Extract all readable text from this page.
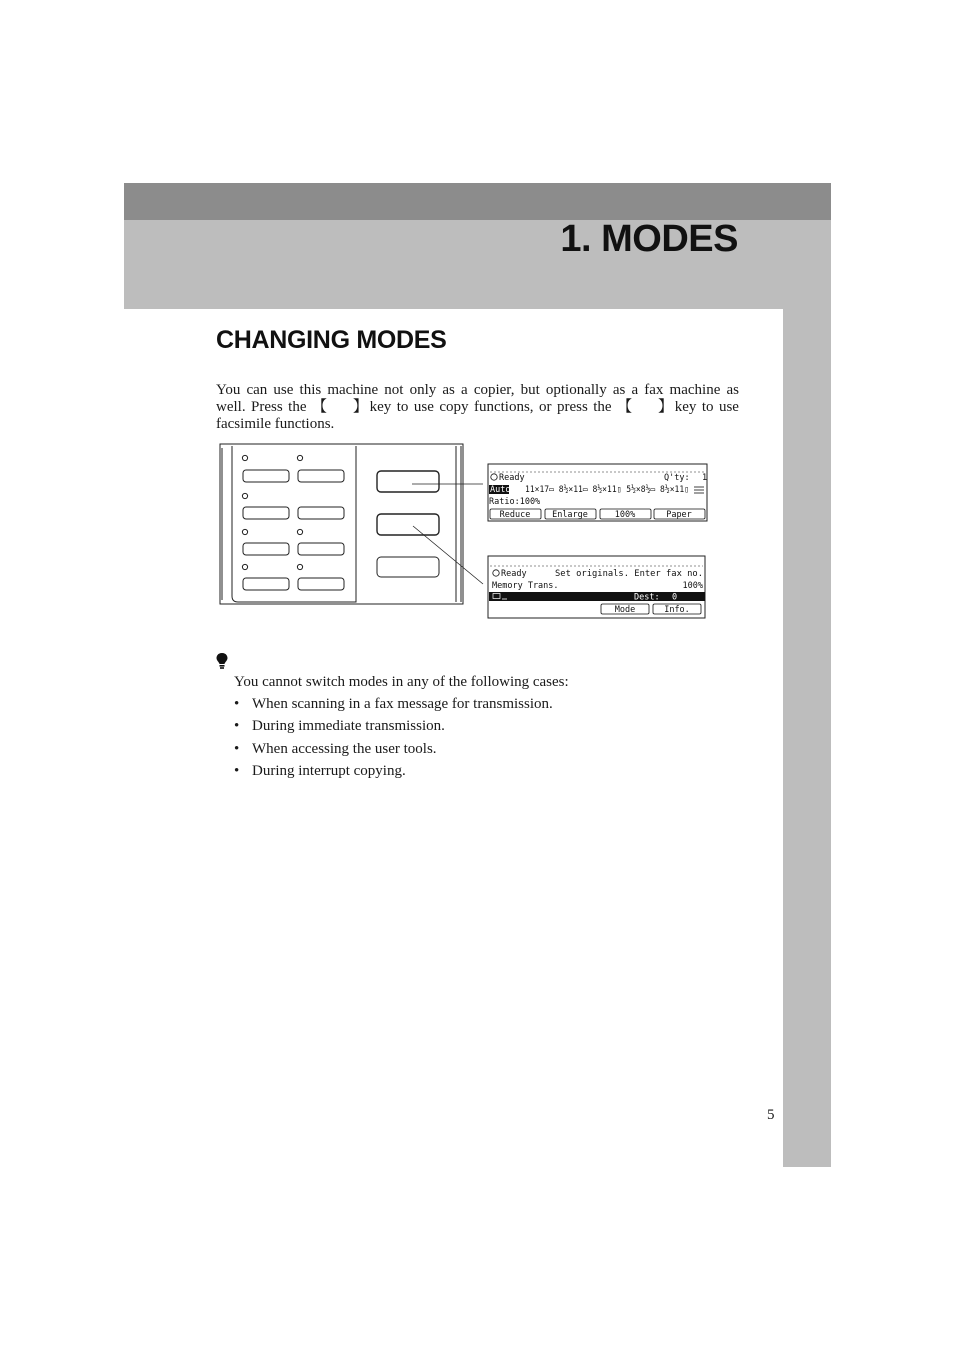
1. MODES
CHANGING MODES
You can use this machine not only as a copier, but optionally as a fax machine as
well. Press the 【   】key to use copy functions, or press the 【   】key to use
facsimile functions.
Ready	Q'ty: 1
Auto 11×17▭ 8½×11▭ 8½×11▯ 5½×8½▭ 8½×11▯
Ratio:100%
Reduce	Enlarge	100%	Paper
Ready	Set originals. Enter fax no.
Memory Trans.	100%
Dest: 0
Mode	Info.
You cannot switch modes in any of the following cases:
• When scanning in a fax message for transmission.
• During immediate transmission.
• When accessing the user tools.
• During interrupt copying.
5
